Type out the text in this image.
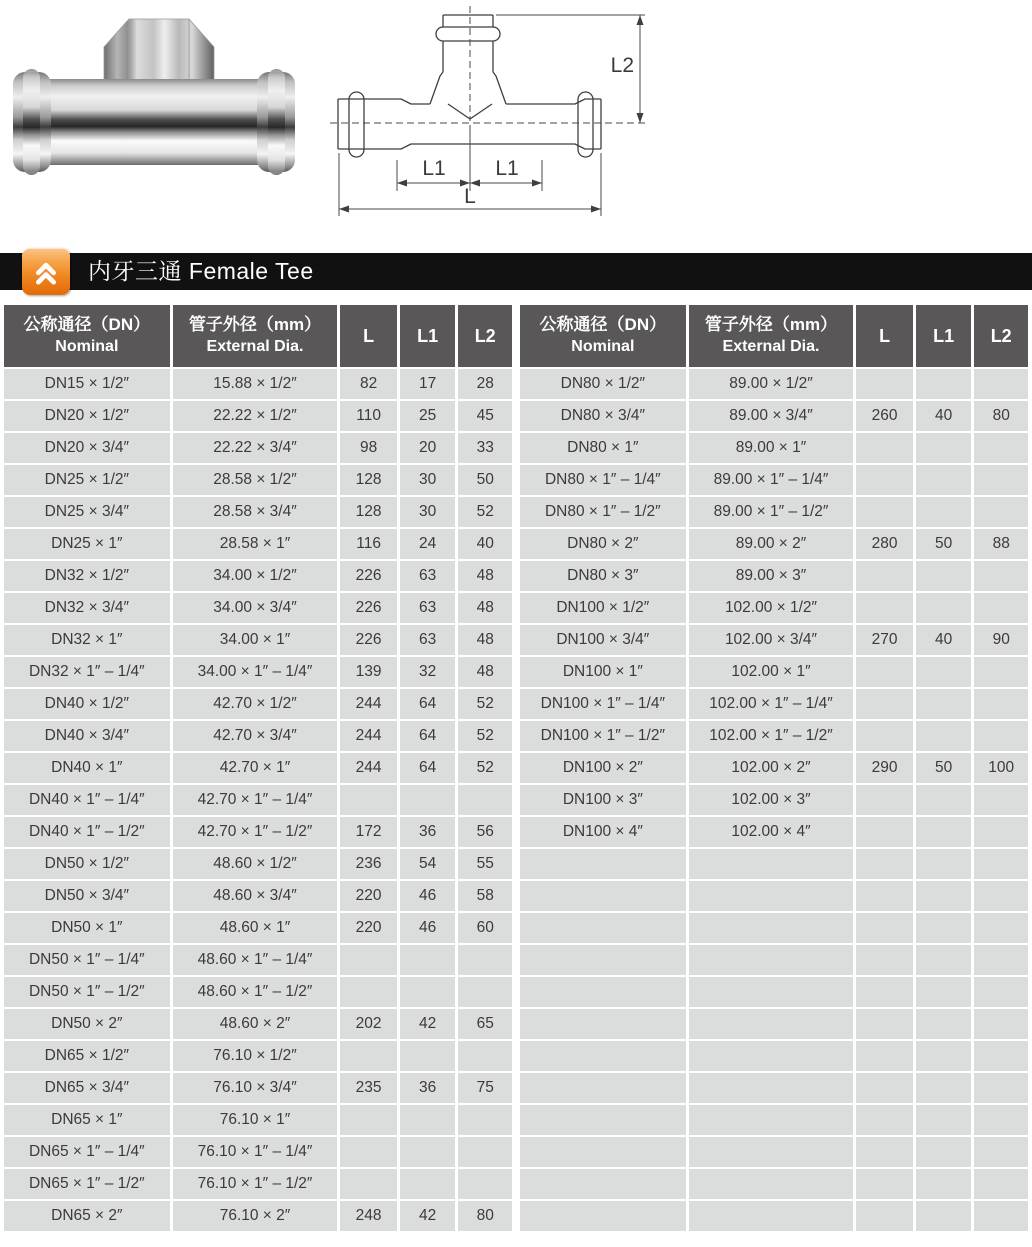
L2
L1 L1
L
内牙三通 Female Tee
公称通径（DN）
Nominal	管子外径（mm）
External Dia.	L	L1	L2
DN15 × 1/2″	15.88 × 1/2″	82	17	28
DN20 × 1/2″	22.22 × 1/2″	110	25	45
DN20 × 3/4″	22.22 × 3/4″	98	20	33
DN25 × 1/2″	28.58 × 1/2″	128	30	50
DN25 × 3/4″	28.58 × 3/4″	128	30	52
DN25 × 1″	28.58 × 1″	116	24	40
DN32 × 1/2″	34.00 × 1/2″	226	63	48
DN32 × 3/4″	34.00 × 3/4″	226	63	48
DN32 × 1″	34.00 × 1″	226	63	48
DN32 × 1″ – 1/4″	34.00 × 1″ – 1/4″	139	32	48
DN40 × 1/2″	42.70 × 1/2″	244	64	52
DN40 × 3/4″	42.70 × 3/4″	244	64	52
DN40 × 1″	42.70 × 1″	244	64	52
DN40 × 1″ – 1/4″	42.70 × 1″ – 1/4″			
DN40 × 1″ – 1/2″	42.70 × 1″ – 1/2″	172	36	56
DN50 × 1/2″	48.60 × 1/2″	236	54	55
DN50 × 3/4″	48.60 × 3/4″	220	46	58
DN50 × 1″	48.60 × 1″	220	46	60
DN50 × 1″ – 1/4″	48.60 × 1″ – 1/4″			
DN50 × 1″ – 1/2″	48.60 × 1″ – 1/2″			
DN50 × 2″	48.60 × 2″	202	42	65
DN65 × 1/2″	76.10 × 1/2″			
DN65 × 3/4″	76.10 × 3/4″	235	36	75
DN65 × 1″	76.10 × 1″			
DN65 × 1″ – 1/4″	76.10 × 1″ – 1/4″			
DN65 × 1″ – 1/2″	76.10 × 1″ – 1/2″			
DN65 × 2″	76.10 × 2″	248	42	80
公称通径（DN）
Nominal	管子外径（mm）
External Dia.	L	L1	L2
DN80 × 1/2″	89.00 × 1/2″			
DN80 × 3/4″	89.00 × 3/4″	260	40	80
DN80 × 1″	89.00 × 1″			
DN80 × 1″ – 1/4″	89.00 × 1″ – 1/4″			
DN80 × 1″ – 1/2″	89.00 × 1″ – 1/2″			
DN80 × 2″	89.00 × 2″	280	50	88
DN80 × 3″	89.00 × 3″			
DN100 × 1/2″	102.00 × 1/2″			
DN100 × 3/4″	102.00 × 3/4″	270	40	90
DN100 × 1″	102.00 × 1″			
DN100 × 1″ – 1/4″	102.00 × 1″ – 1/4″			
DN100 × 1″ – 1/2″	102.00 × 1″ – 1/2″			
DN100 × 2″	102.00 × 2″	290	50	100
DN100 × 3″	102.00 × 3″			
DN100 × 4″	102.00 × 4″			
